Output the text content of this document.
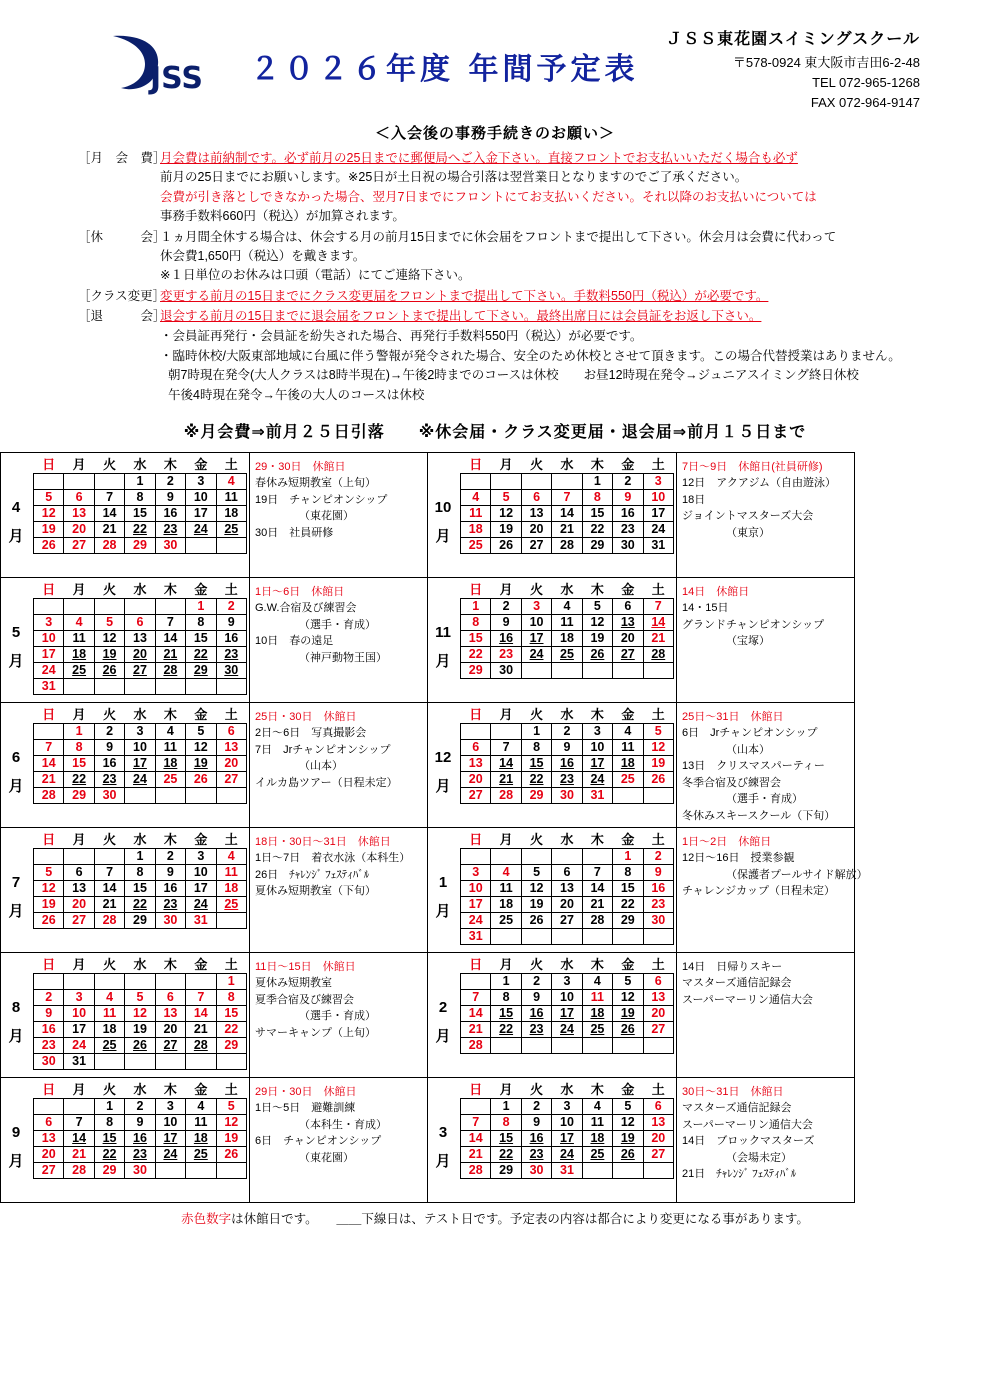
JSS ２０２６年度 年間予定表
ＪＳＳ東花園スイミングスクール
〒578-0924 東大阪市吉田6-2-48
TEL 072-965-1268
FAX 072-964-9147
＜入会後の事務手続きのお願い＞
［月　会　費］
月会費は前納制です。必ず前月の25日までに郵便局へご入金下さい。直接フロントでお支払いいただく場合も必ず
前月の25日までにお願いします。※25日が土日祝の場合引落は翌営業日となりますのでご了承ください。
会費が引き落としできなかった場合、翌月7日までにフロントにてお支払いください。それ以降のお支払いについては
事務手数料660円（税込）が加算されます。
［休　　　会］
１ヵ月間全休する場合は、休会する月の前月15日までに休会届をフロントまで提出して下さい。休会月は会費に代わって
休会費1,650円（税込）を戴きます。
※１日単位のお休みは口頭（電話）にてご連絡下さい。
［クラス変更］
変更する前月の15日までにクラス変更届をフロントまで提出して下さい。手数料550円（税込）が必要です。
［退　　　会］
退会する前月の15日までに退会届をフロントまで提出して下さい。最終出席日には会員証をお返し下さい。
・会員証再発行・会員証を紛失された場合、再発行手数料550円（税込）が必要です。
・臨時休校/大阪東部地域に台風に伴う警報が発令された場合、安全のため休校とさせて頂きます。この場合代替授業はありません。
朝7時現在発令(大人クラスは8時半現在)→午後2時までのコースは休校　　お昼12時現在発令→ジュニアスイミング終日休校
午後4時現在発令→午後の大人のコースは休校
※月会費⇒前月２５日引落　　※休会届・クラス変更届・退会届⇒前月１５日まで
4
月
日	月	火	水	木	金	土
			1	2	3	4
5	6	7	8	9	10	11
12	13	14	15	16	17	18
19	20	21	22	23	24	25
26	27	28	29	30		
29・30日　休館日
春休み短期教室（上旬）
19日　チャンピオンシップ
（東花園）
30日　社員研修

10
月
日	月	火	水	木	金	土
				1	2	3
4	5	6	7	8	9	10
11	12	13	14	15	16	17
18	19	20	21	22	23	24
25	26	27	28	29	30	31
7日〜9日　休館日(社員研修)
12日　アクアジム（自由遊泳）
18日
ジョイントマスターズ大会
（東京）

5
月
日	月	火	水	木	金	土
					1	2
3	4	5	6	7	8	9
10	11	12	13	14	15	16
17	18	19	20	21	22	23
24	25	26	27	28	29	30
31						
1日〜6日　休館日
G.W.合宿及び練習会
（選手・育成）
10日　春の遠足
（神戸動物王国）

11
月
日	月	火	水	木	金	土
1	2	3	4	5	6	7
8	9	10	11	12	13	14
15	16	17	18	19	20	21
22	23	24	25	26	27	28
29	30					
14日　休館日
14・15日
グランドチャンピオンシップ
（宝塚）

6
月
日	月	火	水	木	金	土
	1	2	3	4	5	6
7	8	9	10	11	12	13
14	15	16	17	18	19	20
21	22	23	24	25	26	27
28	29	30				
25日・30日　休館日
2日〜6日　写真撮影会
7日　Jrチャンピオンシップ
（山本）
イルカ島ツアー（日程未定）

12
月
日	月	火	水	木	金	土
		1	2	3	4	5
6	7	8	9	10	11	12
13	14	15	16	17	18	19
20	21	22	23	24	25	26
27	28	29	30	31		
25日〜31日　休館日
6日　Jrチャンピオンシップ
（山本）
13日　クリスマスパーティー
冬季合宿及び練習会
（選手・育成）
冬休みスキースクール（下旬）

7
月
日	月	火	水	木	金	土
			1	2	3	4
5	6	7	8	9	10	11
12	13	14	15	16	17	18
19	20	21	22	23	24	25
26	27	28	29	30	31	
18日・30日〜31日　休館日
1日〜7日　着衣水泳（本科生）
26日　ﾁｬﾚﾝｼﾞ ﾌｪｽﾃｨﾊﾞﾙ
夏休み短期教室（下旬）	1
月
日	月	火	水	木	金	土
					1	2
3	4	5	6	7	8	9
10	11	12	13	14	15	16
17	18	19	20	21	22	23
24	25	26	27	28	29	30
31						
1日〜2日　休館日
12日〜16日　授業参観
（保護者プールサイド解放）
チャレンジカップ（日程未定）

8
月
日	月	火	水	木	金	土
						1
2	3	4	5	6	7	8
9	10	11	12	13	14	15
16	17	18	19	20	21	22
23	24	25	26	27	28	29
30	31					
11日〜15日　休館日
夏休み短期教室
夏季合宿及び練習会
（選手・育成）
サマーキャンプ（上旬）

2
月
日	月	火	水	木	金	土
	1	2	3	4	5	6
7	8	9	10	11	12	13
14	15	16	17	18	19	20
21	22	23	24	25	26	27
28						
14日　日帰りスキー
マスターズ通信記録会
スーパーマーリン通信大会

9
月
日	月	火	水	木	金	土
		1	2	3	4	5
6	7	8	9	10	11	12
13	14	15	16	17	18	19
20	21	22	23	24	25	26
27	28	29	30			
29日・30日　休館日
1日〜5日　避難訓練
（本科生・育成）
6日　チャンピオンシップ
（東花園）

3
月
日	月	火	水	木	金	土
	1	2	3	4	5	6
7	8	9	10	11	12	13
14	15	16	17	18	19	20
21	22	23	24	25	26	27
28	29	30	31			
30日〜31日　休館日
マスターズ通信記録会
スーパーマーリン通信大会
14日　ブロックマスターズ
（会場未定）
21日　ﾁｬﾚﾝｼﾞ ﾌｪｽﾃｨﾊﾞﾙ
赤色数字は休館日です。　　＿＿下線日は、テスト日です。予定表の内容は都合により変更になる事があります。
